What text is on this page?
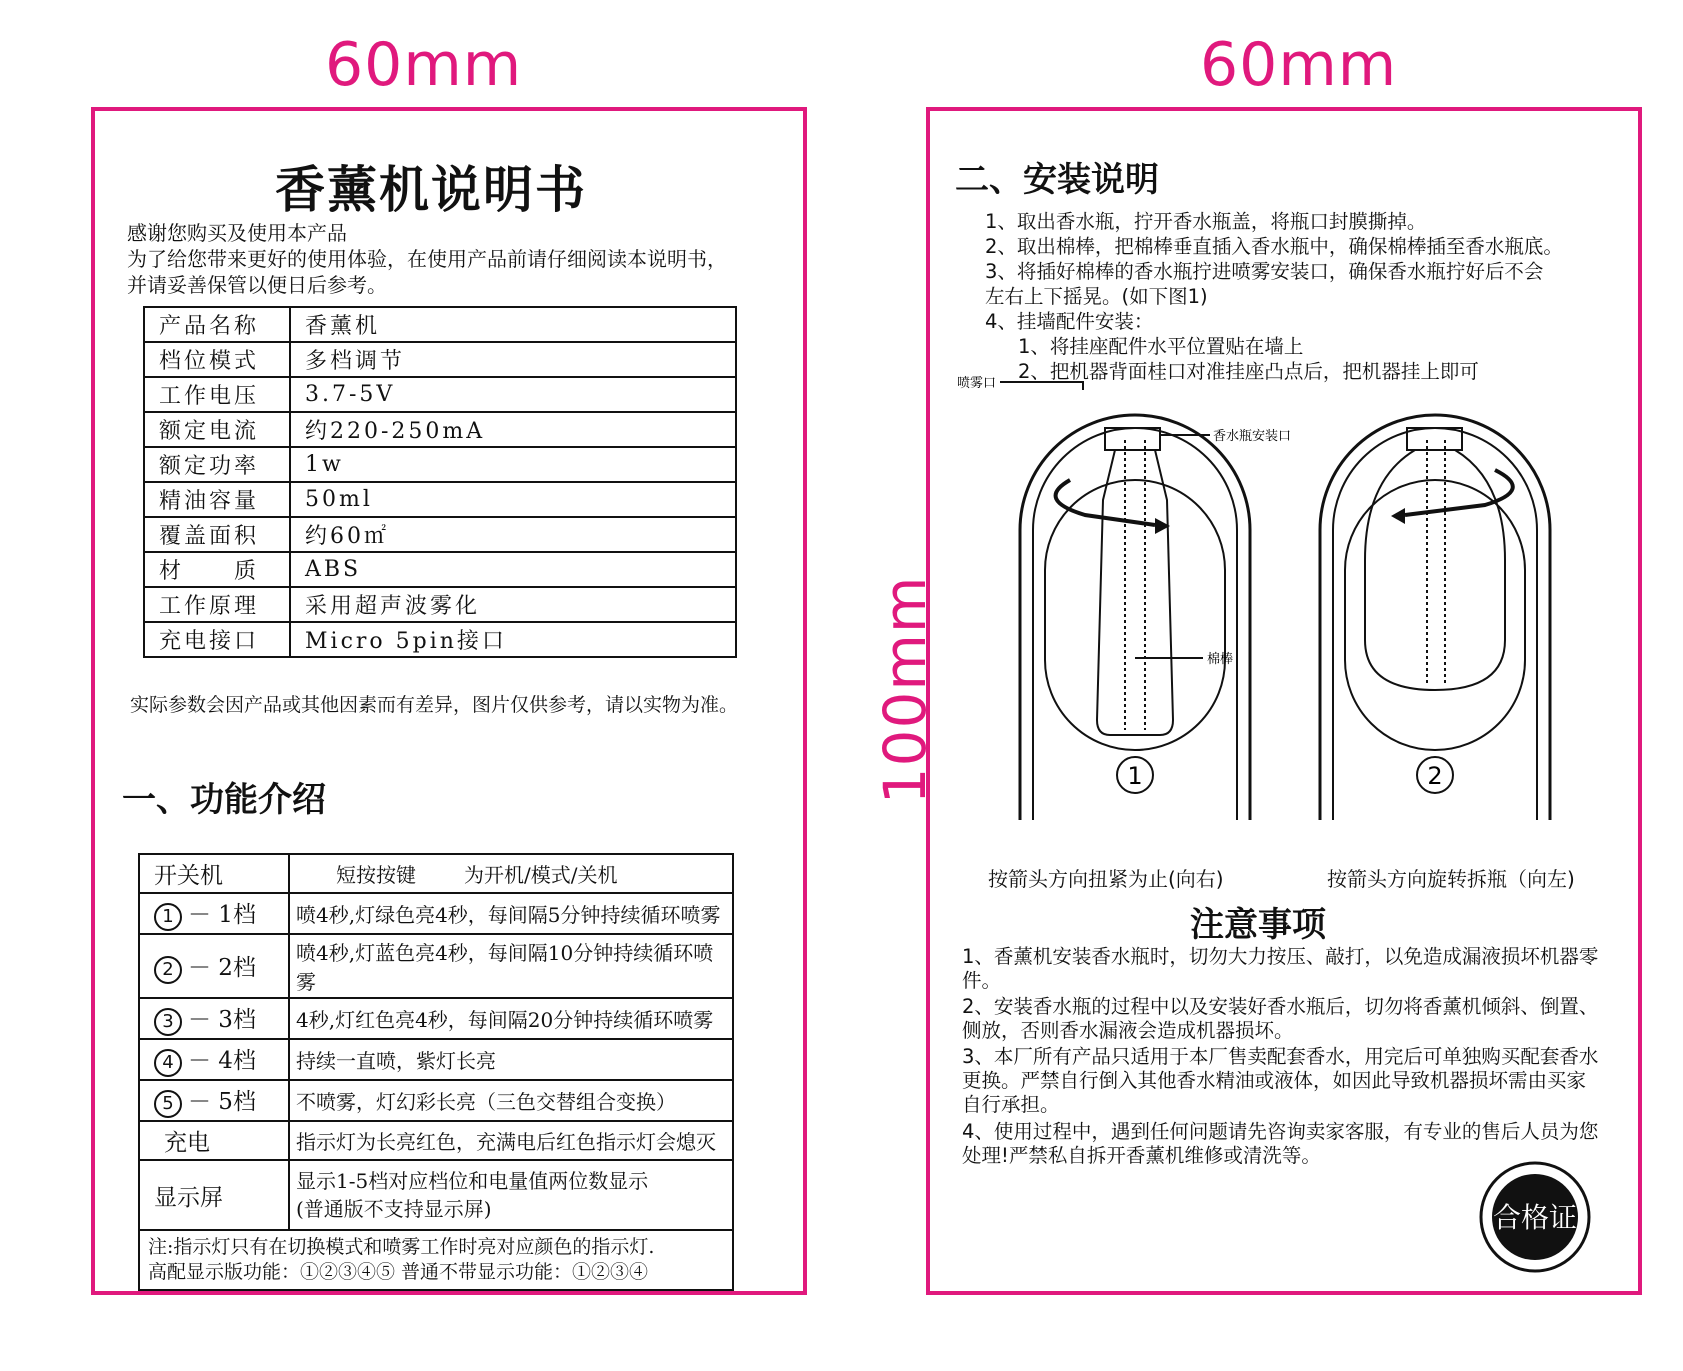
60mm	60mm
100mm
香薰机说明书
感谢您购买及使用本产品
为了给您带来更好的使用体验，在使用产品前请仔细阅读本说明书，
并请妥善保管以便日后参考。
产品名称	香薰机
档位模式	多档调节
工作电压	3.7-5V
额定电流	约220-250mA
额定功率	1w
精油容量	50ml
覆盖面积	约60㎡
材　　质	ABS
工作原理	采用超声波雾化
充电接口	Micro 5pin接口
实际参数会因产品或其他因素而有差异，图片仅供参考，请以实物为准。
一、功能介绍
开关机	短按按键 为开机/模式/关机
1 － 1档	喷4秒,灯绿色亮4秒，每间隔5分钟持续循环喷雾
2 － 2档	喷4秒,灯蓝色亮4秒，每间隔10分钟持续循环喷雾
3 － 3档	4秒,灯红色亮4秒，每间隔20分钟持续循环喷雾
4 － 4档	持续一直喷，紫灯长亮
5 － 5档	不喷雾，灯幻彩长亮（三色交替组合变换）
充电	指示灯为长亮红色，充满电后红色指示灯会熄灭
显示屏	显示1-5档对应档位和电量值两位数显示
(普通版不支持显示屏)

注:指示灯只有在切换模式和喷雾工作时亮对应颜色的指示灯.
高配显示版功能：①②③④⑤ 普通不带显示功能：①②③④	
二、安装说明
1、取出香水瓶，拧开香水瓶盖，将瓶口封膜撕掉。
2、取出棉棒，把棉棒垂直插入香水瓶中，确保棉棒插至香水瓶底。
3、将插好棉棒的香水瓶拧进喷雾安装口，确保香水瓶拧好后不会
左右上下摇晃。(如下图1)
4、挂墙配件安装：
1、将挂座配件水平位置贴在墙上
2、把机器背面桂口对准挂座凸点后，把机器挂上即可
1	2
喷雾口
香水瓶安装口
棉棒
按箭头方向扭紧为止(向右)	按箭头方向旋转拆瓶（向左)
注意事项
1、香薰机安装香水瓶时，切勿大力按压、敲打，以免造成漏液损坏机器零件。
2、安装香水瓶的过程中以及安装好香水瓶后，切勿将香薰机倾斜、倒置、侧放，否则香水漏液会造成机器损坏。
3、本厂所有产品只适用于本厂售卖配套香水，用完后可单独购买配套香水更换。严禁自行倒入其他香水精油或液体，如因此导致机器损坏需由买家自行承担。
4、使用过程中，遇到任何问题请先咨询卖家客服，有专业的售后人员为您处理!严禁私自拆开香薰机维修或清洗等。
合格证
